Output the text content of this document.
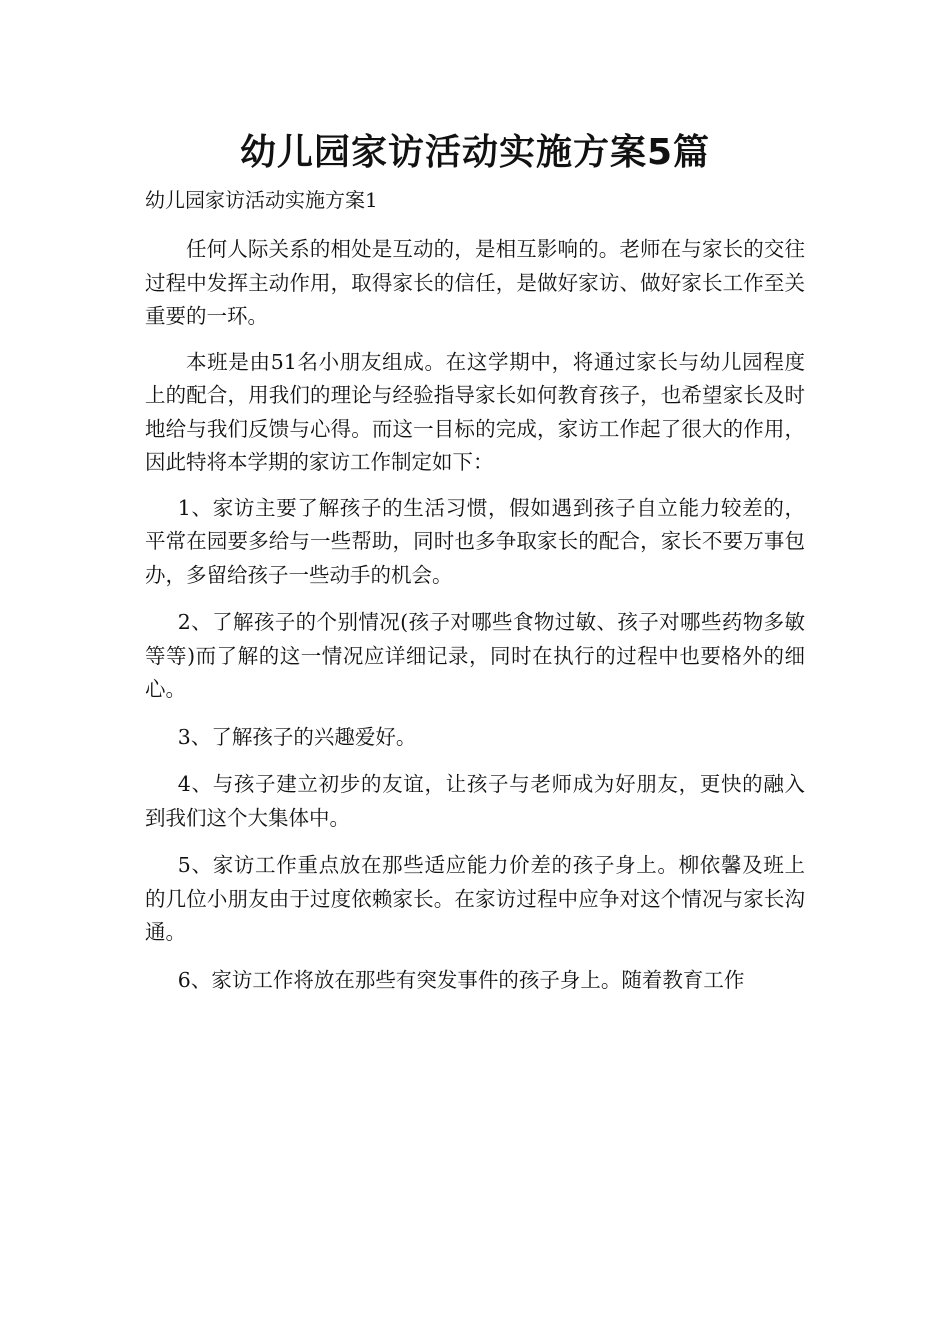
幼儿园家访活动实施方案5篇
幼儿园家访活动实施方案1

任何人际关系的相处是互动的，是相互影响的。老师在与家长的交往过程中发挥主动作用，取得家长的信任，是做好家访、做好家长工作至关重要的一环。

本班是由51名小朋友组成。在这学期中，将通过家长与幼儿园程度上的配合，用我们的理论与经验指导家长如何教育孩子，也希望家长及时地给与我们反馈与心得。而这一目标的完成，家访工作起了很大的作用，因此特将本学期的家访工作制定如下：

1、家访主要了解孩子的生活习惯，假如遇到孩子自立能力较差的，平常在园要多给与一些帮助，同时也多争取家长的配合，家长不要万事包办，多留给孩子一些动手的机会。

2、了解孩子的个别情况(孩子对哪些食物过敏、孩子对哪些药物多敏等等)而了解的这一情况应详细记录，同时在执行的过程中也要格外的细心。

3、了解孩子的兴趣爱好。

4、与孩子建立初步的友谊，让孩子与老师成为好朋友，更快的融入到我们这个大集体中。

5、家访工作重点放在那些适应能力价差的孩子身上。柳依馨及班上的几位小朋友由于过度依赖家长。在家访过程中应争对这个情况与家长沟通。

6、家访工作将放在那些有突发事件的孩子身上。随着教育工作
